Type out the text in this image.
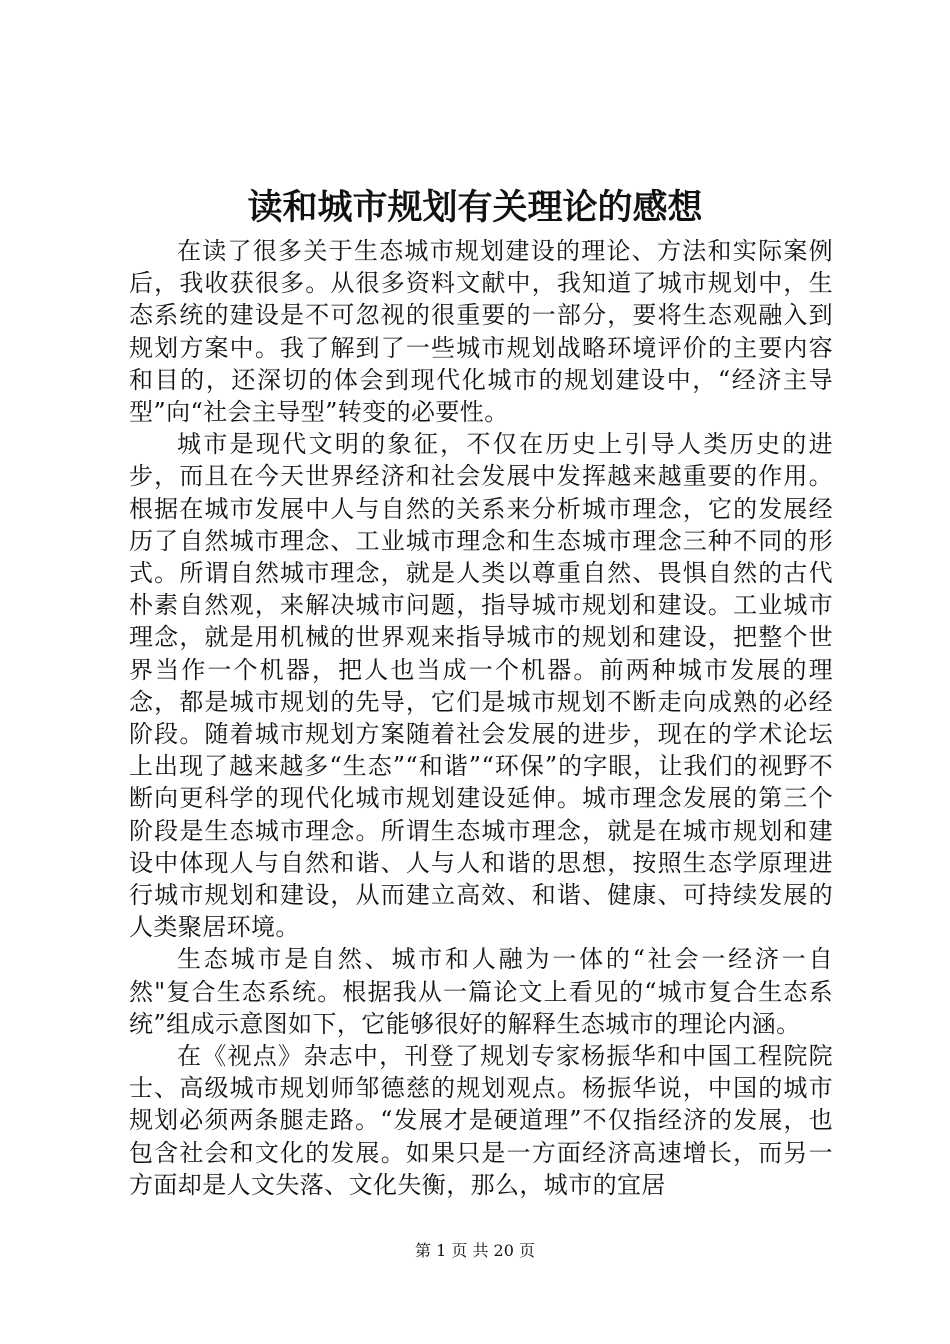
读和城市规划有关理论的感想

在读了很多关于生态城市规划建设的理论、方法和实际案例后，我收获很多。从很多资料文献中，我知道了城市规划中，生态系统的建设是不可忽视的很重要的一部分，要将生态观融入到规划方案中。我了解到了一些城市规划战略环境评价的主要内容和目的，还深切的体会到现代化城市的规划建设中，“经济主导型”向“社会主导型”转变的必要性。

城市是现代文明的象征，不仅在历史上引导人类历史的进步，而且在今天世界经济和社会发展中发挥越来越重要的作用。根据在城市发展中人与自然的关系来分析城市理念，它的发展经历了自然城市理念、工业城市理念和生态城市理念三种不同的形式。所谓自然城市理念，就是人类以尊重自然、畏惧自然的古代朴素自然观，来解决城市问题，指导城市规划和建设。工业城市理念，就是用机械的世界观来指导城市的规划和建设，把整个世界当作一个机器，把人也当成一个机器。前两种城市发展的理念，都是城市规划的先导，它们是城市规划不断走向成熟的必经阶段。随着城市规划方案随着社会发展的进步，现在的学术论坛上出现了越来越多“生态”“和谐”“环保”的字眼，让我们的视野不断向更科学的现代化城市规划建设延伸。城市理念发展的第三个阶段是生态城市理念。所谓生态城市理念，就是在城市规划和建设中体现人与自然和谐、人与人和谐的思想，按照生态学原理进行城市规划和建设，从而建立高效、和谐、健康、可持续发展的人类聚居环境。

生态城市是自然、城市和人融为一体的“社会一经济一自然"复合生态系统。根据我从一篇论文上看见的“城市复合生态系统”组成示意图如下，它能够很好的解释生态城市的理论内涵。

在《视点》杂志中，刊登了规划专家杨振华和中国工程院院士、高级城市规划师邹德慈的规划观点。杨振华说，中国的城市规划必须两条腿走路。“发展才是硬道理”不仅指经济的发展，也包含社会和文化的发展。如果只是一方面经济高速增长，而另一方面却是人文失落、文化失衡，那么，城市的宜居

第 1 页 共 20 页
